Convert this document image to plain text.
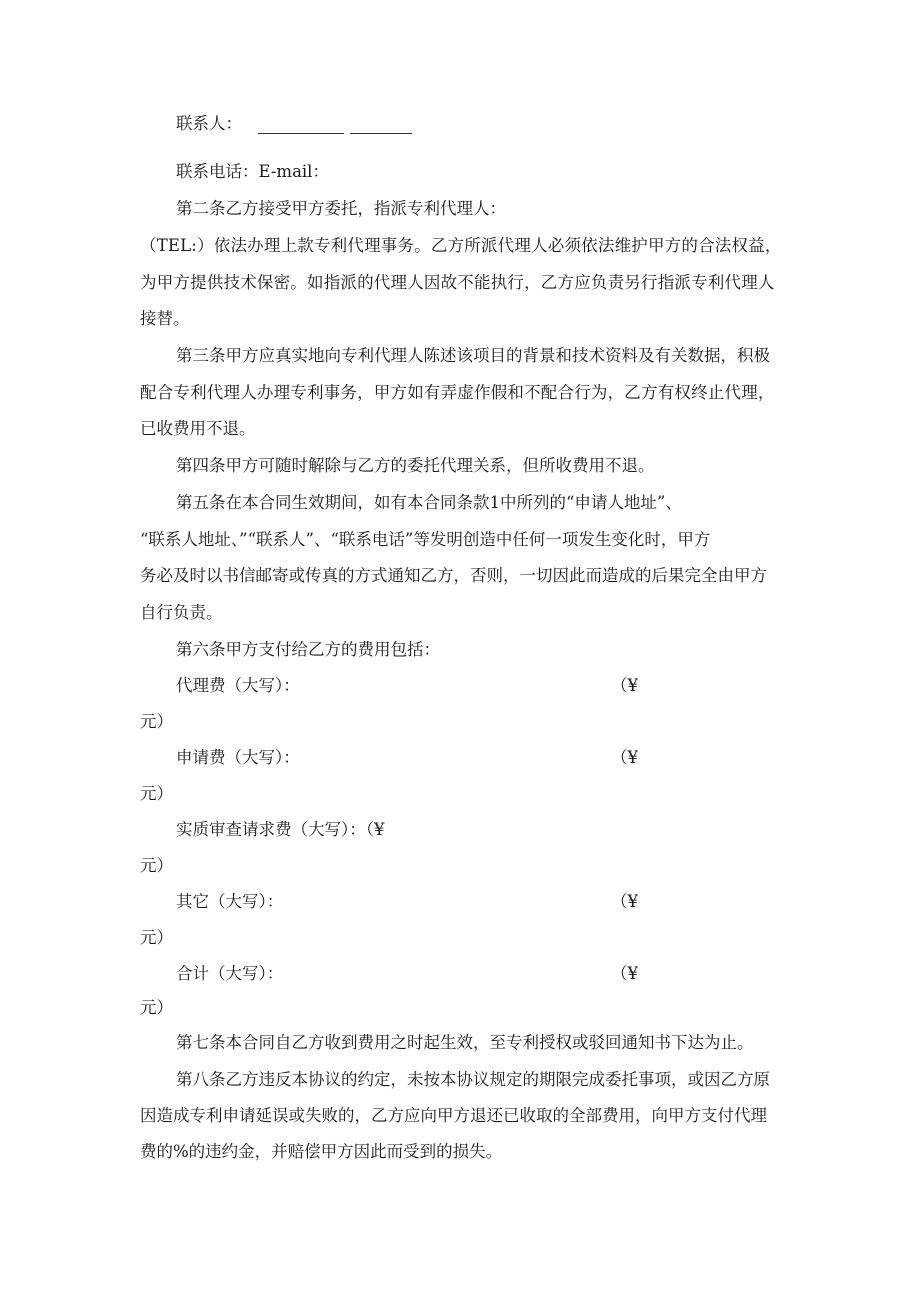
联系人：
联系电话：E-mail：
第二条乙方接受甲方委托，指派专利代理人：
（TEL:）依法办理上款专利代理事务。乙方所派代理人必须依法维护甲方的合法权益，
为甲方提供技术保密。如指派的代理人因故不能执行，乙方应负责另行指派专利代理人
接替。
第三条甲方应真实地向专利代理人陈述该项目的背景和技术资料及有关数据，积极
配合专利代理人办理专利事务，甲方如有弄虚作假和不配合行为，乙方有权终止代理，
已收费用不退。
第四条甲方可随时解除与乙方的委托代理关系，但所收费用不退。
第五条在本合同生效期间，如有本合同条款1中所列的“申请人地址”、
“联系人地址、”“联系人”、“联系电话”等发明创造中任何一项发生变化时，甲方
务必及时以书信邮寄或传真的方式通知乙方，否则，一切因此而造成的后果完全由甲方
自行负责。
第六条甲方支付给乙方的费用包括：
代理费（大写）：	（¥
元）
申请费（大写）：	（¥
元）
实质审查请求费（大写）：（¥
元）
其它（大写）：	（¥
元）
合计（大写）：	（¥
元）
第七条本合同自乙方收到费用之时起生效，至专利授权或驳回通知书下达为止。
第八条乙方违反本协议的约定，未按本协议规定的期限完成委托事项，或因乙方原
因造成专利申请延误或失败的，乙方应向甲方退还已收取的全部费用，向甲方支付代理
费的%的违约金，并赔偿甲方因此而受到的损失。
